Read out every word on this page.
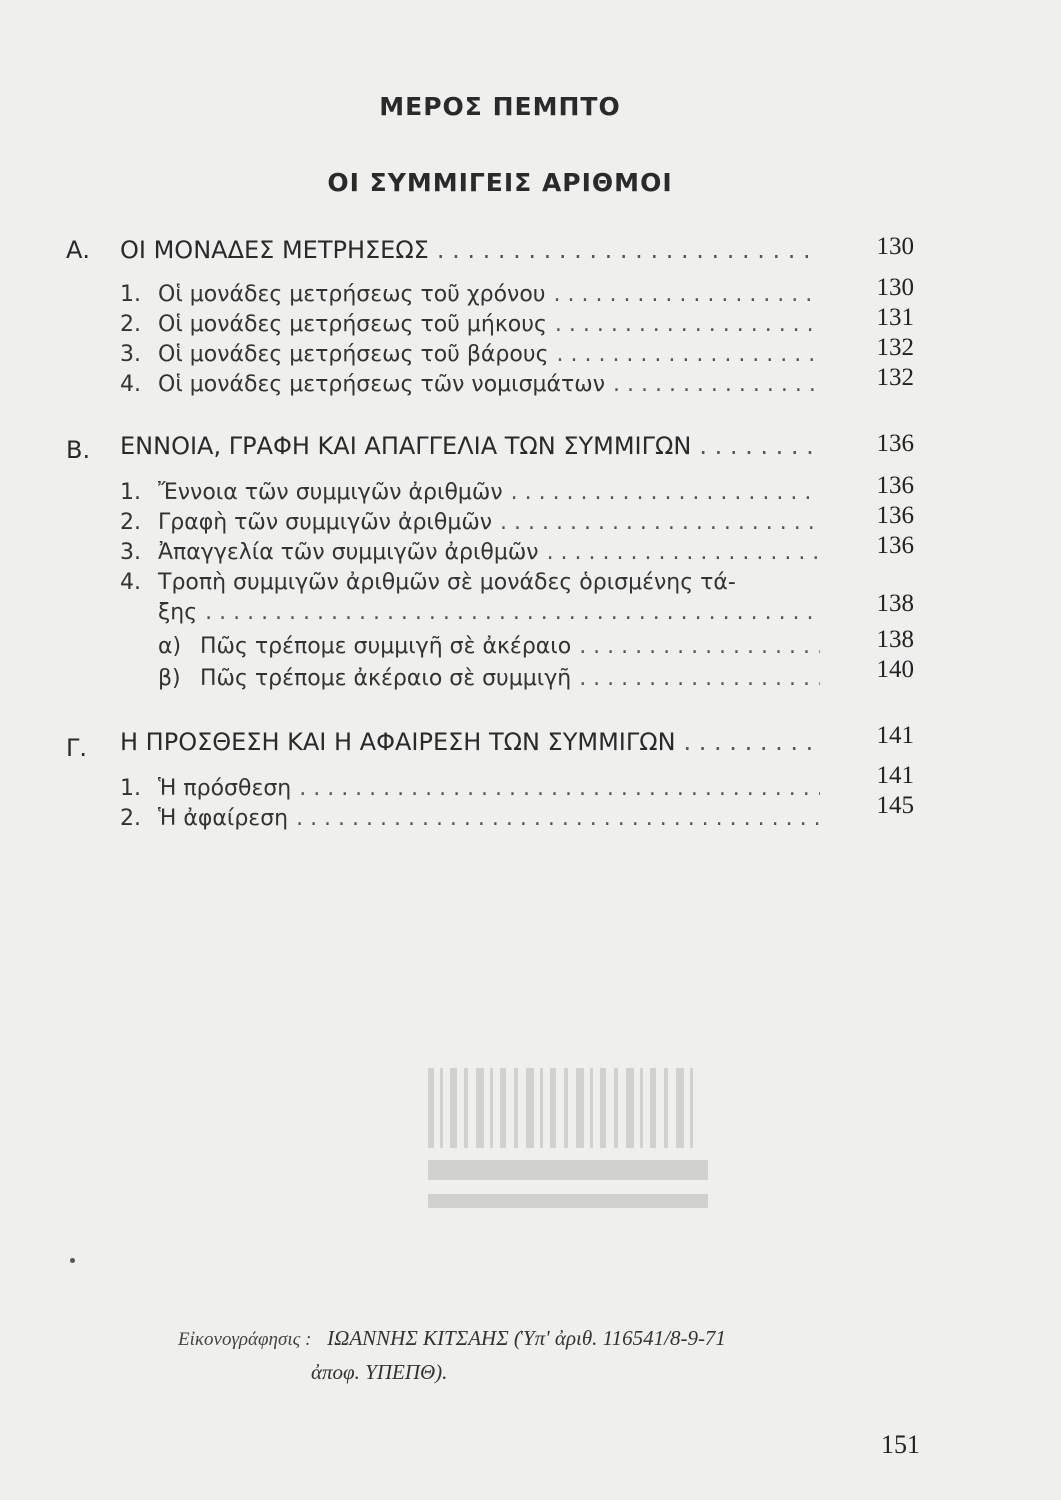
ΜΕΡΟΣ ΠΕΜΠΤΟ
ΟΙ ΣΥΜΜΙΓΕΙΣ ΑΡΙΘΜΟΙ
Α. ΟΙ ΜΟΝΑΔΕΣ ΜΕΤΡΗΣΕΩΣ . . .	130
1. Οἱ μονάδες μετρήσεως τοῦ χρόνου . . .	130
2. Οἱ μονάδες μετρήσεως τοῦ μήκους . . .	131
3. Οἱ μονάδες μετρήσεως τοῦ βάρους . . .	132
4. Οἱ μονάδες μετρήσεως τῶν νομισμάτων . . .	132
Β. ΕΝΝΟΙΑ, ΓΡΑΦΗ ΚΑΙ ΑΠΑΓΓΕΛΙΑ ΤΩΝ ΣΥΜΜΙΓΩΝ . . .	136
1. Ἔννοια τῶν συμμιγῶν ἀριθμῶν . . .	136
2. Γραφὴ τῶν συμμιγῶν ἀριθμῶν . . .	136
3. Ἀπαγγελία τῶν συμμιγῶν ἀριθμῶν . . .	136
4. Τροπὴ συμμιγῶν ἀριθμῶν σὲ μονάδες ὁρισμένης τά-
ξης . . .	138
α) Πῶς τρέπομε συμμιγῆ σὲ ἀκέραιο . . .	138
β) Πῶς τρέπομε ἀκέραιο σὲ συμμιγῆ . . .	140
Γ. Η ΠΡΟΣΘΕΣΗ ΚΑΙ Η ΑΦΑΙΡΕΣΗ ΤΩΝ ΣΥΜΜΙΓΩΝ . . .	141
1. Ἡ πρόσθεση . . .	141
2. Ἡ ἀφαίρεση . . .	145
Εἰκονογράφησις : ΙΩΑΝΝΗΣ ΚΙΤΣΑΗΣ (Ὑπ' ἀριθ. 116541/8-9-71
ἀποφ. ΥΠΕΠΘ).
151
